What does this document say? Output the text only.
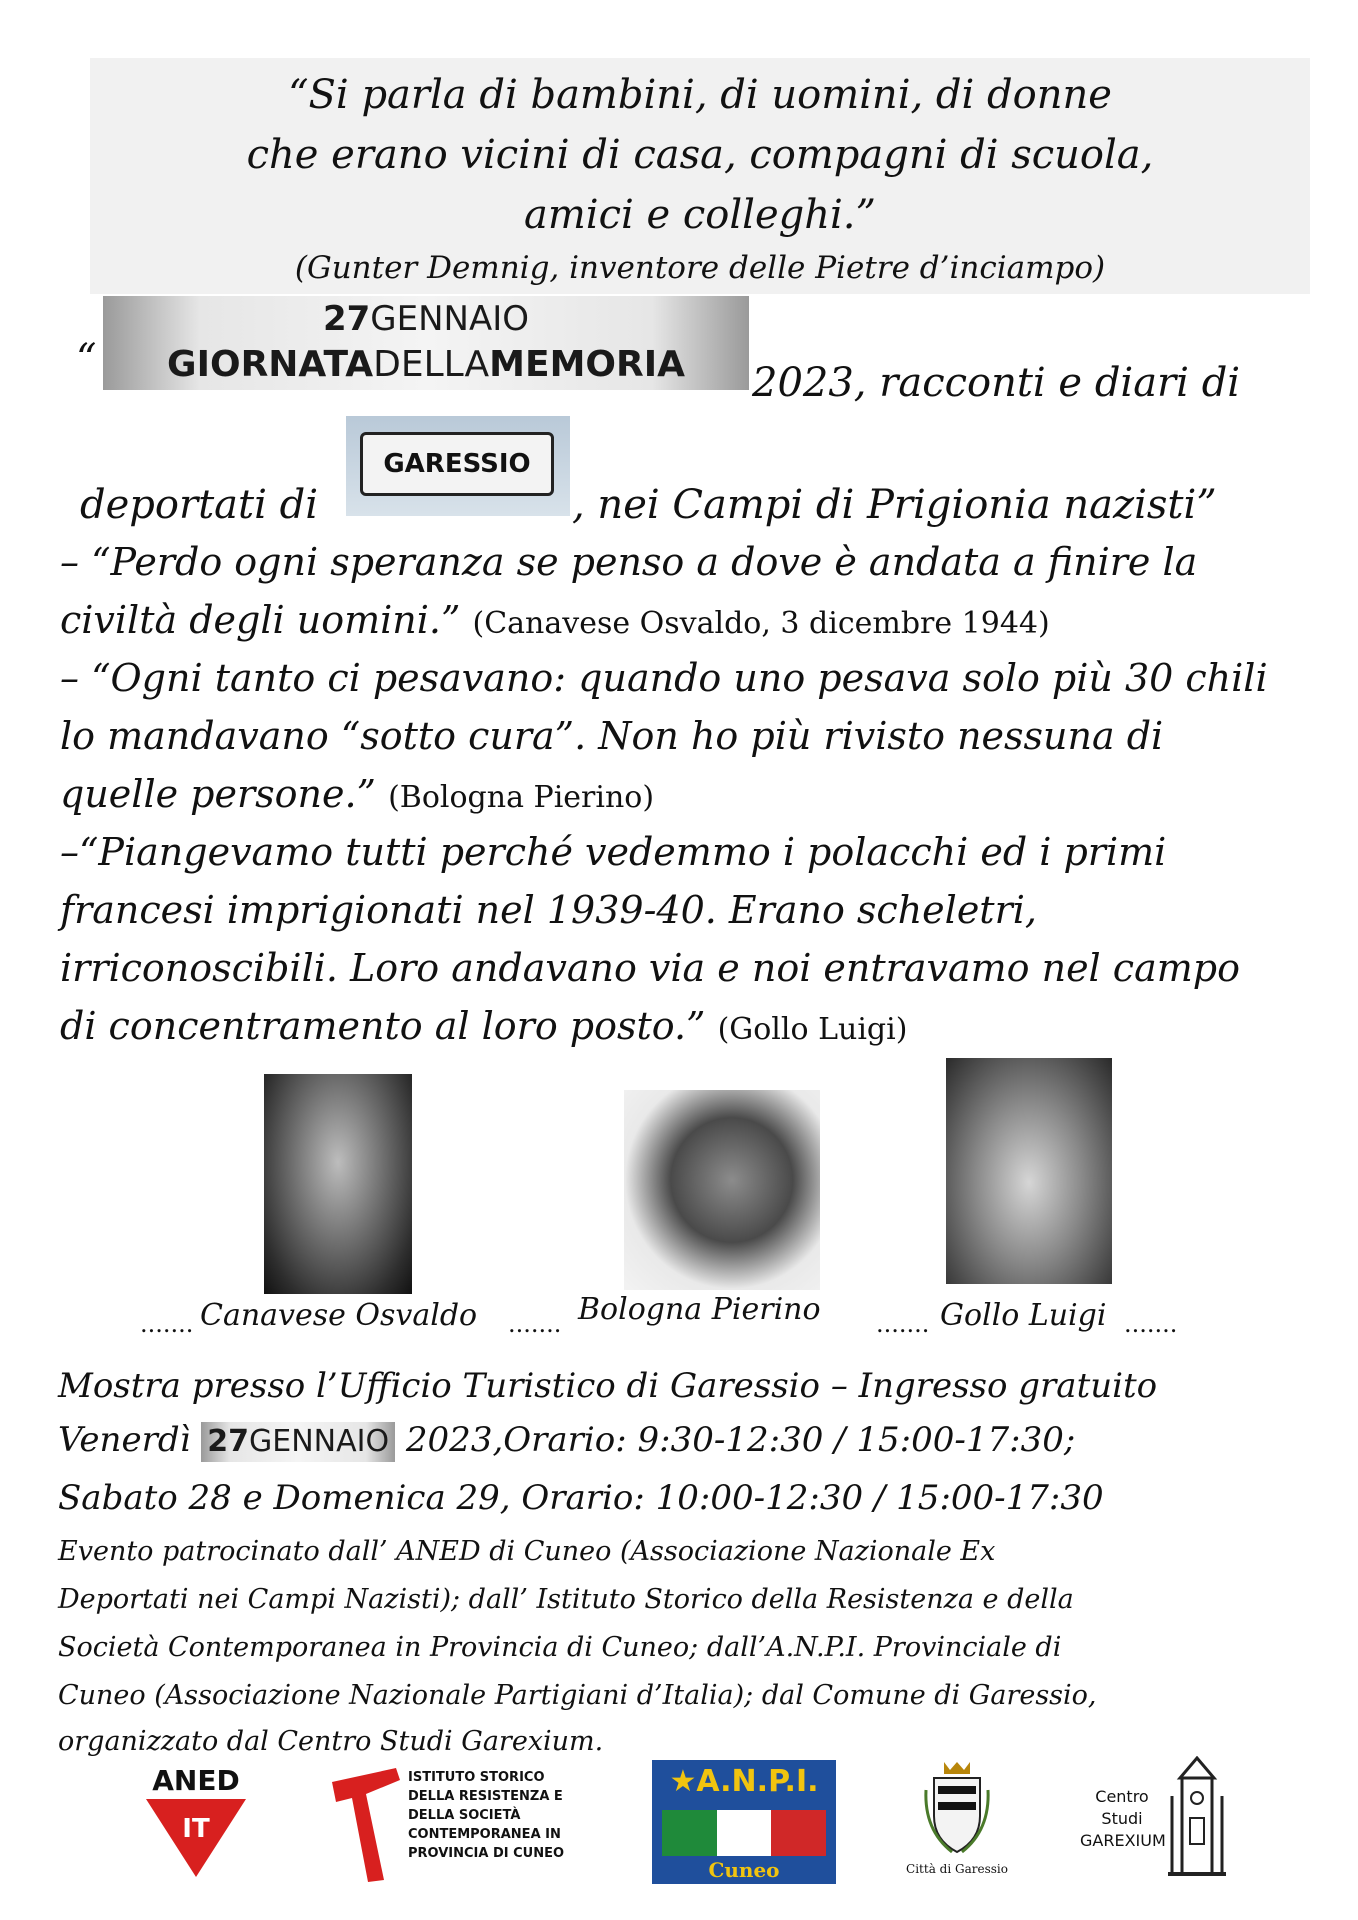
“Si parla di bambini, di uomini, di donne
che erano vicini di casa, compagni di scuola,
amici e colleghi.”
(Gunter Demnig, inventore delle Pietre d’inciampo)
27GENNAIO
GIORNATADELLAMEMORIA
“
2023, racconti e diari di
deportati di
GARESSIO
, nei Campi di Prigionia nazisti”
– “Perdo ogni speranza se penso a dove è andata a finire la
civiltà degli uomini.” (Canavese Osvaldo, 3 dicembre 1944)
– “Ogni tanto ci pesavano: quando uno pesava solo più 30 chili
lo mandavano “sotto cura”. Non ho più rivisto nessuna di
quelle persone.” (Bologna Pierino)
–“Piangevamo tutti perché vedemmo i polacchi ed i primi
francesi imprigionati nel 1939-40. Erano scheletri,
irriconoscibili. Loro andavano via e noi entravamo nel campo
di concentramento al loro posto.” (Gollo Luigi)
....... Canavese Osvaldo ....... Bologna Pierino ....... Gollo Luigi .......
Mostra presso l’Ufficio Turistico di Garessio – Ingresso gratuito
Venerdì 27GENNAIO 2023,Orario: 9:30-12:30 / 15:00-17:30;
Sabato 28 e Domenica 29, Orario: 10:00-12:30 / 15:00-17:30
Evento patrocinato dall’ ANED di Cuneo (Associazione Nazionale Ex
Deportati nei Campi Nazisti); dall’ Istituto Storico della Resistenza e della
Società Contemporanea in Provincia di Cuneo; dall’A.N.P.I. Provinciale di
Cuneo (Associazione Nazionale Partigiani d’Italia); dal Comune di Garessio,
organizzato dal Centro Studi Garexium.
ANED
IT
ISTITUTO STORICO
DELLA RESISTENZA E
DELLA SOCIETÀ
CONTEMPORANEA IN
PROVINCIA DI CUNEO
★A.N.P.I.
Cuneo	Città di Garessio
Centro
Studi
GAREXIUM
